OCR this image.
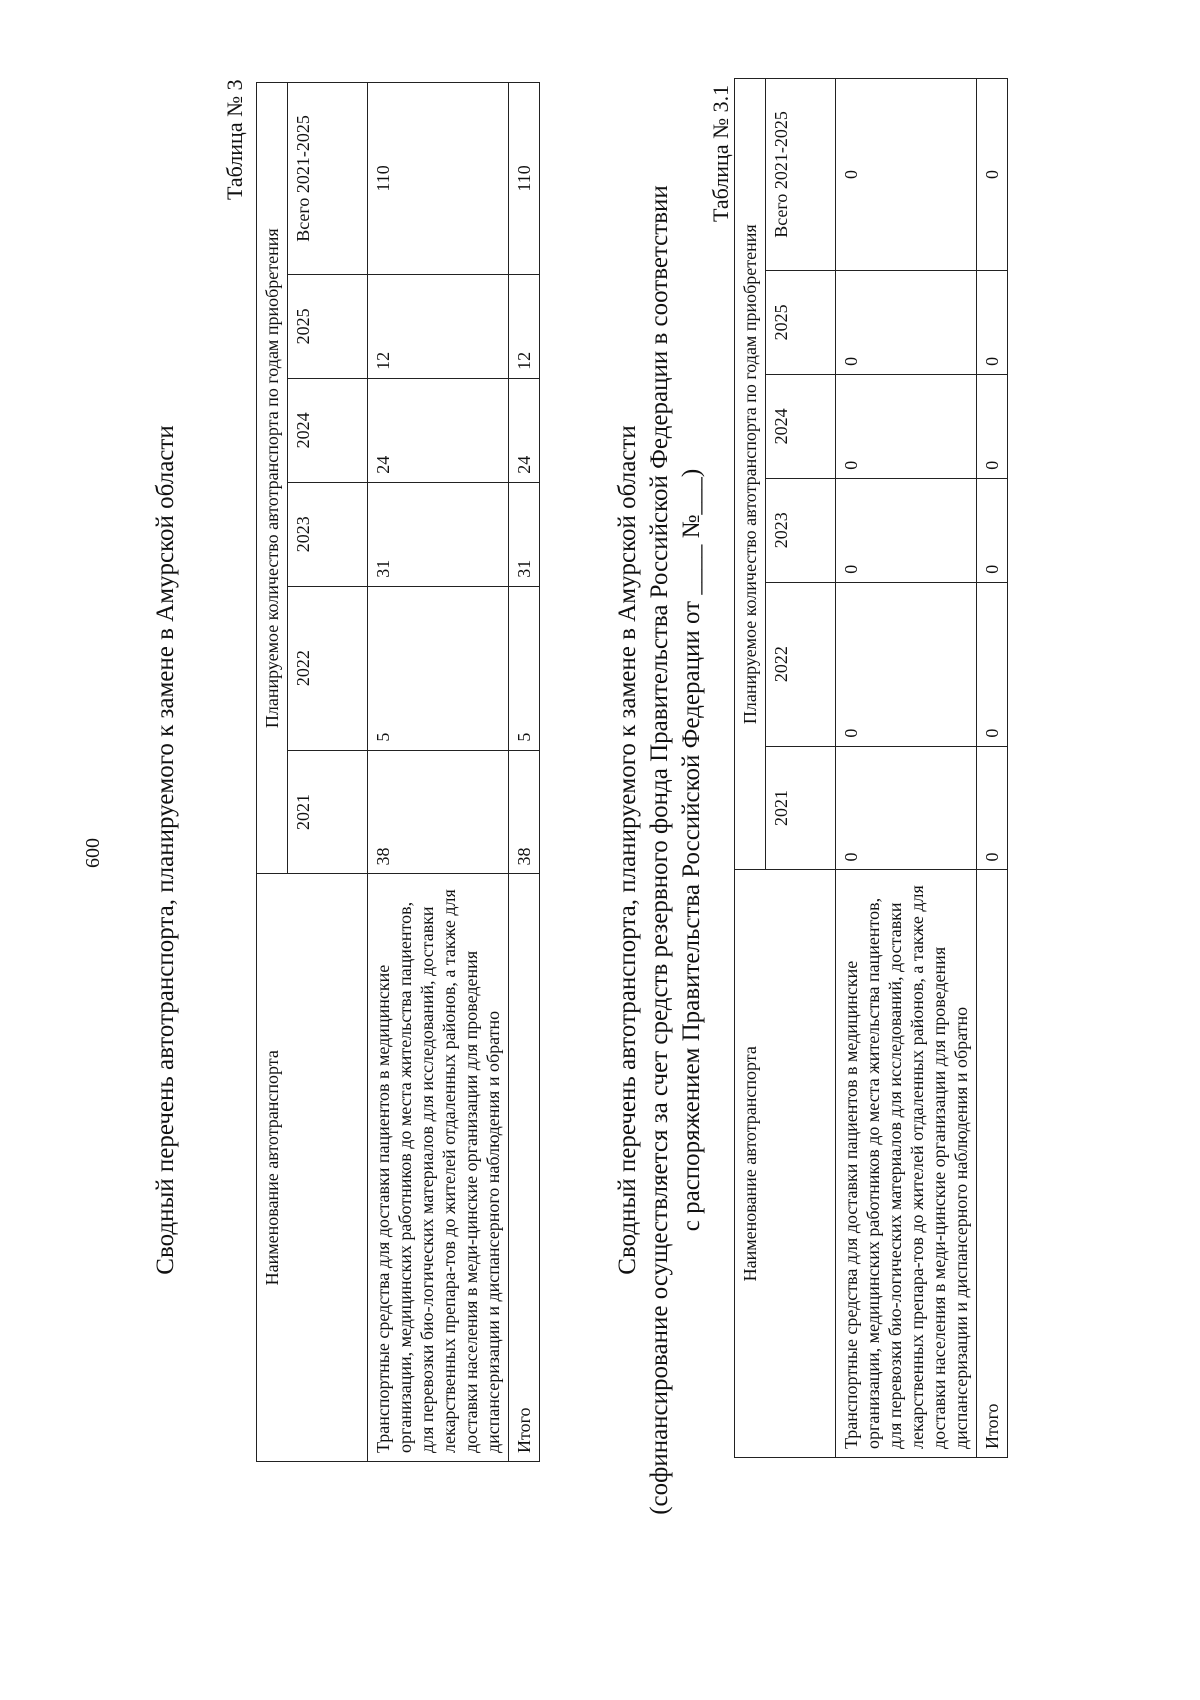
600 Сводный перечень автотранспорта, планируемого к замене в Амурской области
Таблица № 3
Наименование автотранспорта	Планируемое количество автотранспорта по годам приобретения					
	2021	2022	2023	2024	2025	Всего 2021-2025
Транспортные средства для доставки пациентов в медицинские организации, медицинских работников до места жительства пациентов, для перевозки био-логических материалов для исследований, доставки лекарственных препара-тов до жителей отдаленных районов, а также для доставки населения в меди-цинские организации для проведения диспансеризации и диспансерного наблюдения и обратно	38	5	31	24	12	110
Итого	38	5	31	24	12	110
Сводный перечень автотранспорта, планируемого к замене в Амурской области (софинансирование осуществляется за счет средств резервного фонда Правительства Российской Федерации в соответствии с распоряжением Правительства Российской Федерации от ____ №___)
Таблица № 3.1
Наименование автотранспорта	Планируемое количество автотранспорта по годам приобретения					
	2021	2022	2023	2024	2025	Всего 2021-2025
Транспортные средства для доставки пациентов в медицинские организации, медицинских работников до места жительства пациентов, для перевозки био-логических материалов для исследований, доставки лекарственных препара-тов до жителей отдаленных районов, а также для доставки населения в меди-цинские организации для проведения диспансеризации и диспансерного наблюдения и обратно	0	0	0	0	0	0
Итого	0	0	0	0	0	0
